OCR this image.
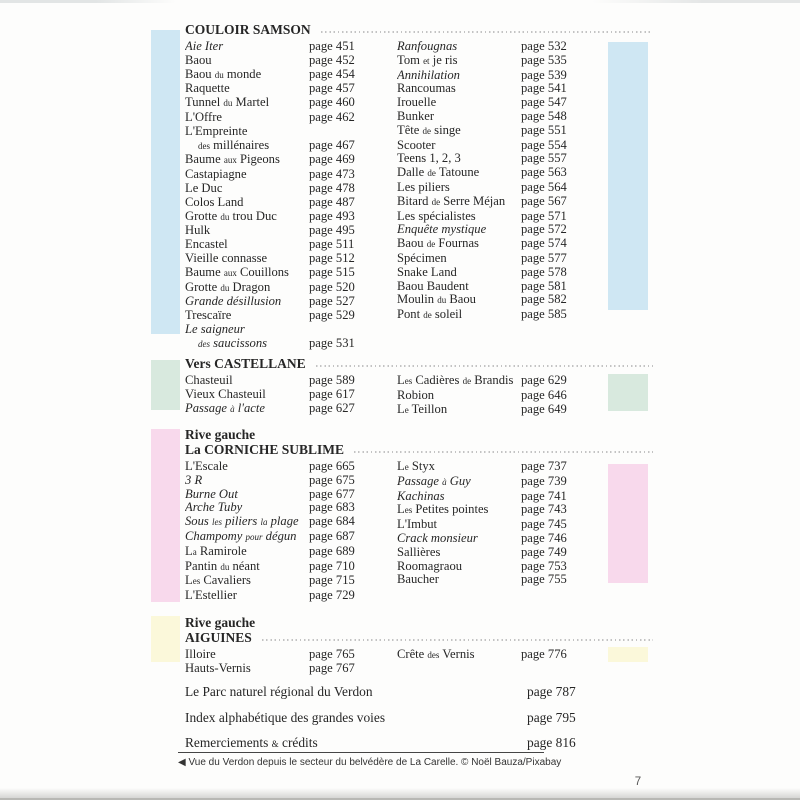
COULOIR SAMSON
Aie Iter	page 451
Baou	page 452
Baou du monde	page 454
Raquette	page 457
Tunnel du Martel	page 460
L'Offre	page 462
L'Empreinte
des millénaires	page 467
Baume aux Pigeons	page 469
Castapiagne	page 473
Le Duc	page 478
Colos Land	page 487
Grotte du trou Duc	page 493
Hulk	page 495
Encastel	page 511
Vieille connasse	page 512
Baume aux Couillons	page 515
Grotte du Dragon	page 520
Grande désillusion	page 527
Trescaïre	page 529
Le saigneur
des saucissons	page 531
Ranfougnas	page 532
Tom et je ris	page 535
Annihilation	page 539
Rancoumas	page 541
Irouelle	page 547
Bunker	page 548
Tête de singe	page 551
Scooter	page 554
Teens 1, 2, 3	page 557
Dalle de Tatoune	page 563
Les piliers	page 564
Bitard de Serre Méjan	page 567
Les spécialistes	page 571
Enquête mystique	page 572
Baou de Fournas	page 574
Spécimen	page 577
Snake Land	page 578
Baou Baudent	page 581
Moulin du Baou	page 582
Pont de soleil	page 585
Vers CASTELLANE
Chasteuil	page 589
Vieux Chasteuil	page 617
Passage à l'acte	page 627
Les Cadières de Brandis page 629
Robion	page 646
Le Teillon	page 649
Rive gauche
La CORNICHE SUBLIME
L'Escale	page 665
3 R	page 675
Burne Out	page 677
Arche Tuby	page 683
Sous les piliers la plage page 684
Champomy pour dégun page 687
La Ramirole	page 689
Pantin du néant	page 710
Les Cavaliers	page 715
L'Estellier	page 729
Le Styx	page 737
Passage à Guy	page 739
Kachinas	page 741
Les Petites pointes	page 743
L'Imbut	page 745
Crack monsieur	page 746
Sallières	page 749
Roomagraou	page 753
Baucher	page 755
Rive gauche
AIGUINES
Illoire	page 765
Hauts-Vernis	page 767
Crête des Vernis	page 776
Le Parc naturel régional du Verdon	page 787
Index alphabétique des grandes voies	page 795
Remerciements & crédits	page 816
◀ Vue du Verdon depuis le secteur du belvédère de La Carelle. © Noël Bauza/Pixabay
7
